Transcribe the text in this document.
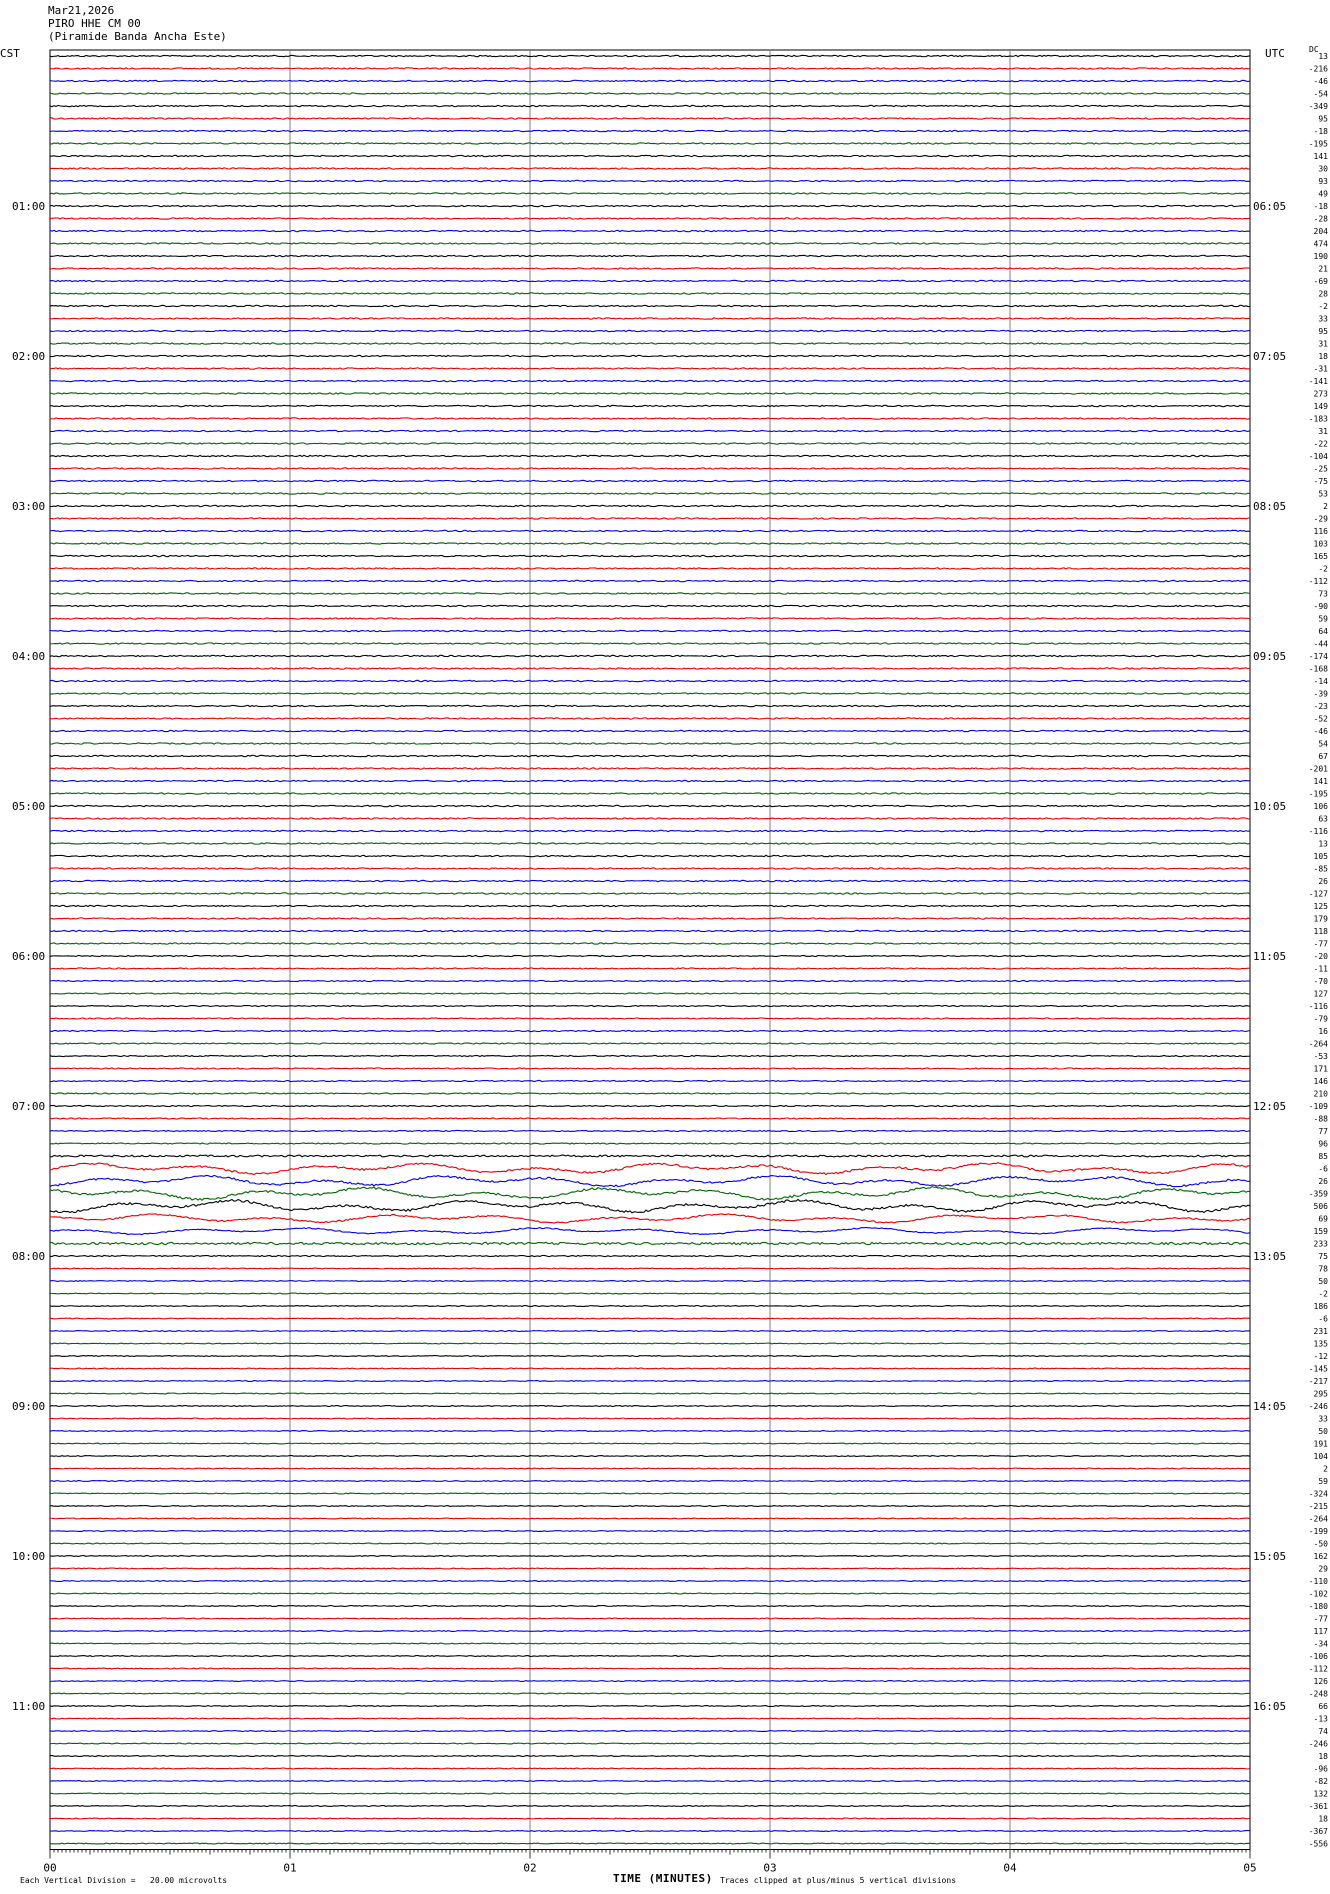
Mar21,2026
PIRO HHE CM 00
(Piramide Banda Ancha Este)
CST	UTC	DC
13
-216
-46
-54
-349
95
-18
-195
141
30
93
49
-18
-28
204
474
190
21
-69
28
-2
33
95
31
18
-31
-141
273
149
-183
31
-22
-104
-25
-75
53
2
-29
116
103
165
-2
-112
73
-90
59
64
-44
-174
-168
-14
-39
-23
-52
-46
54
67
-201
141
-195
106
63
-116
13
105
-85
26
-127
125
179
118
-77
-20
-11
-70
127
-116
-79
16
-264
-53
171
146
210
-109
-88
77
96
85
-6
26
-359
506
69
159
233
75
78
50
-2
186
-6
231
135
-12
-145
-217
295
-246
33
50
191
104
2
59
-324
-215
-264
-199
-50
162
29
-110
-102
-180
-77
117
-34
-106
-112
126
-248
66
-13
74
-246
18
-96
-82
132
-361
18
-367
-556
01:00
02:00
03:00
04:00
05:00
06:00
07:00
08:00
09:00
10:00
11:00
06:05
07:05
08:05
09:05
10:05
11:05
12:05
13:05
14:05
15:05
16:05
00	01	02	03	04	05
Each Vertical Division =   20.00 microvolts	TIME (MINUTES) Traces clipped at plus/minus 5 vertical divisions
